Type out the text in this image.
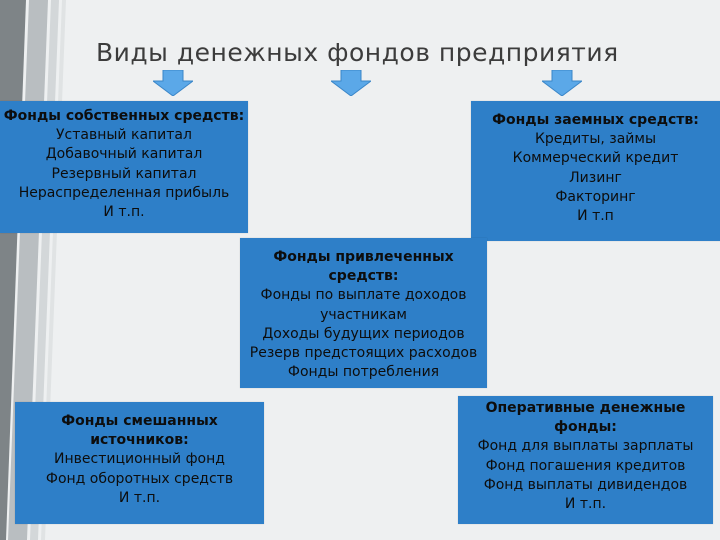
Виды денежных фондов предприятия
Фонды собственных средств:
Уставный капитал
Добавочный капитал
Резервный капитал
Нераспределенная прибыль
И т.п.
Фонды заемных средств:
Кредиты, займы
Коммерческий кредит
Лизинг
Факторинг
И т.п
Фонды привлеченных
средств:
Фонды по выплате доходов
участникам
Доходы будущих периодов
Резерв предстоящих расходов
Фонды потребления
Фонды смешанных
источников:
Инвестиционный фонд
Фонд оборотных средств
И т.п.
Оперативные денежные
фонды:
Фонд для выплаты зарплаты
Фонд погашения кредитов
Фонд выплаты дивидендов
И т.п.
